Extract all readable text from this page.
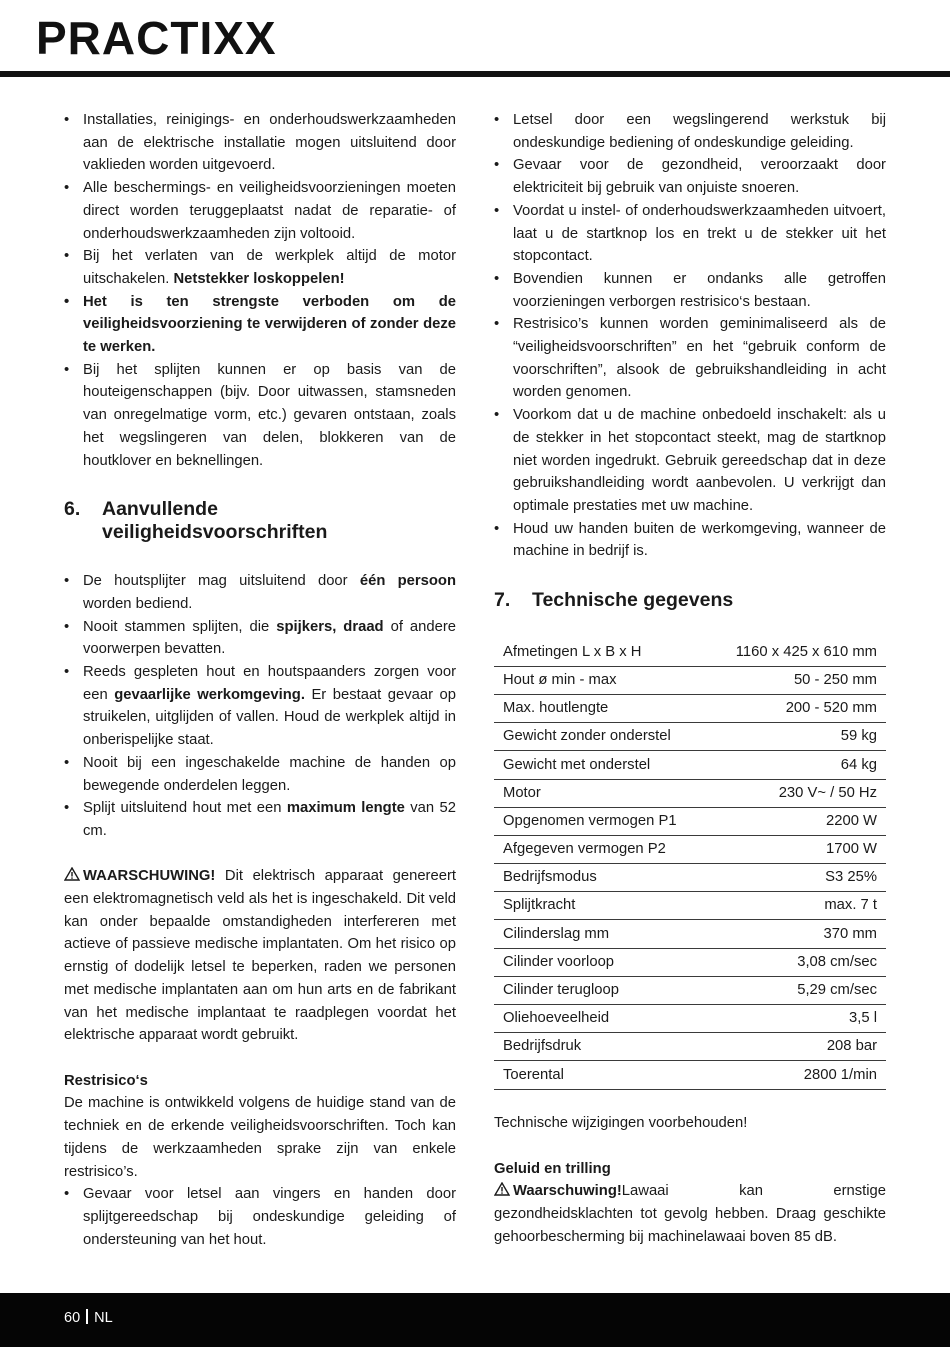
PRACTIXX
• Installaties, reinigings- en onderhoudswerkzaamheden aan de elektrische installatie mogen uitsluitend door vaklieden worden uitgevoerd.
• Alle beschermings- en veiligheidsvoorzieningen moeten direct worden teruggeplaatst nadat de reparatie- of onderhoudswerkzaamheden zijn voltooid.
• Bij het verlaten van de werkplek altijd de motor uitschakelen. Netstekker loskoppelen!
• Het is ten strengste verboden om de veiligheidsvoorziening te verwijderen of zonder deze te werken.
• Bij het splijten kunnen er op basis van de houteigenschappen (bijv. Door uitwassen, stamsneden van onregelmatige vorm, etc.) gevaren ontstaan, zoals het wegslingeren van delen, blokkeren van de houtklover en beknellingen.
6.	Aanvullende
veiligheidsvoorschriften
• De houtsplijter mag uitsluitend door één persoon worden bediend.
• Nooit stammen splijten, die spijkers, draad of andere voorwerpen bevatten.
• Reeds gespleten hout en houtspaanders zorgen voor een gevaarlijke werkomgeving. Er bestaat gevaar op struikelen, uitglijden of vallen. Houd de werkplek altijd in onberispelijke staat.
• Nooit bij een ingeschakelde machine de handen op bewegende onderdelen leggen.
• Splijt uitsluitend hout met een maximum lengte van 52 cm.

WAARSCHUWING! Dit elektrisch apparaat genereert een elektromagnetisch veld als het is ingeschakeld. Dit veld kan onder bepaalde omstandigheden interfereren met actieve of passieve medische implantaten. Om het risico op ernstig of dodelijk letsel te beperken, raden we personen met medische implantaten aan om hun arts en de fabrikant van het medische implantaat te raadplegen voordat het elektrische apparaat wordt gebruikt.

Restrisico‘s

De machine is ontwikkeld volgens de huidige stand van de techniek en de erkende veiligheidsvoorschriften. Toch kan tijdens de werkzaamheden sprake zijn van enkele restrisico’s.

• Gevaar voor letsel aan vingers en handen door splijtgereedschap bij ondeskundige geleiding of ondersteuning van het hout.
• Letsel door een wegslingerend werkstuk bij ondeskundige bediening of ondeskundige geleiding.
• Gevaar voor de gezondheid, veroorzaakt door elektriciteit bij gebruik van onjuiste snoeren.
• Voordat u instel- of onderhoudswerkzaamheden uitvoert, laat u de startknop los en trekt u de stekker uit het stopcontact.
• Bovendien kunnen er ondanks alle getroffen voorzieningen verborgen restrisico‘s bestaan.
• Restrisico’s kunnen worden geminimaliseerd als de “veiligheidsvoorschriften” en het “gebruik conform de voorschriften”, alsook de gebruikshandleiding in acht worden genomen.
• Voorkom dat u de machine onbedoeld inschakelt: als u de stekker in het stopcontact steekt, mag de startknop niet worden ingedrukt. Gebruik gereedschap dat in deze gebruikshandleiding wordt aanbevolen. U verkrijgt dan optimale prestaties met uw machine.
• Houd uw handen buiten de werkomgeving, wanneer de machine in bedrijf is.
7.	Technische gegevens
Afmetingen L x B x H	1160 x 425 x 610 mm
Hout ø min - max	50 - 250 mm
Max. houtlengte	200 - 520 mm
Gewicht zonder onderstel	59 kg
Gewicht met onderstel	64 kg
Motor	230 V~ / 50 Hz
Opgenomen vermogen P1	2200 W
Afgegeven vermogen P2	1700 W
Bedrijfsmodus	S3 25%
Splijtkracht	max. 7 t
Cilinderslag mm	370 mm
Cilinder voorloop	3,08 cm/sec
Cilinder terugloop	5,29 cm/sec
Oliehoeveelheid	3,5 l
Bedrijfsdruk	208 bar
Toerental	2800 1/min

Technische wijzigingen voorbehouden!

Geluid en trilling

Waarschuwing!Lawaai kan ernstige gezondheidsklachten tot gevolg hebben. Draag geschikte gehoorbescherming bij machinelawaai boven 85 dB.

60 NL
